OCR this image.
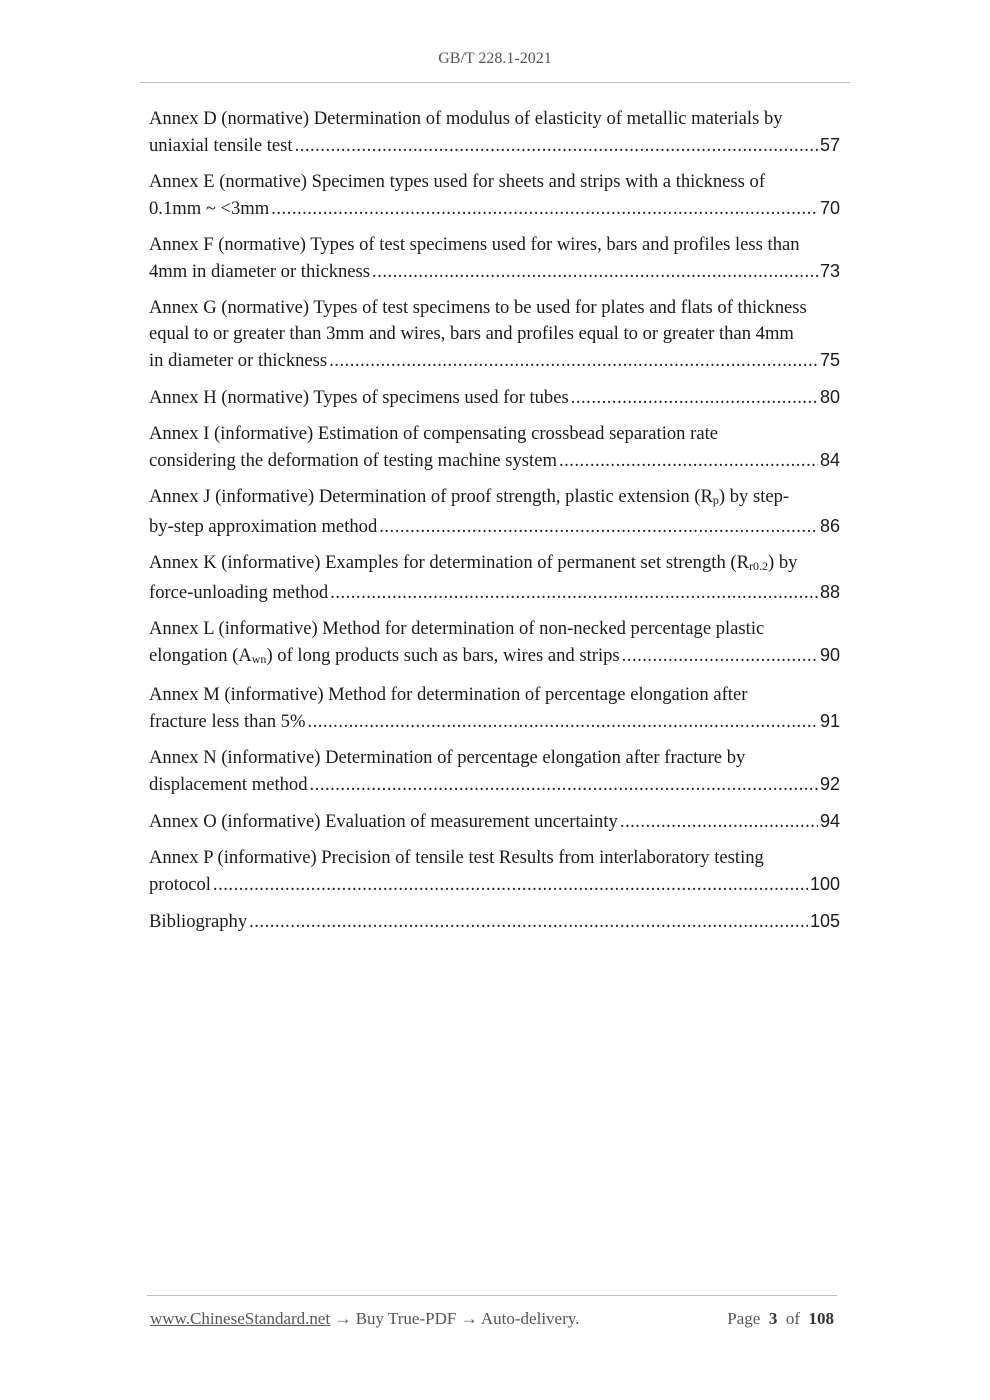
GB/T 228.1-2021
Annex D (normative) Determination of modulus of elasticity of metallic materials by
uniaxial tensile test .....	57
Annex E (normative) Specimen types used for sheets and strips with a thickness of
0.1mm ~ <3mm .....	70
Annex F (normative) Types of test specimens used for wires, bars and profiles less than
4mm in diameter or thickness .....	73
Annex G (normative) Types of test specimens to be used for plates and flats of thickness
equal to or greater than 3mm and wires, bars and profiles equal to or greater than 4mm
in diameter or thickness .....	75
Annex H (normative) Types of specimens used for tubes .....	80
Annex I (informative) Estimation of compensating crossbead separation rate
considering the deformation of testing machine system .....	84
Annex J (informative) Determination of proof strength, plastic extension $(R_p)$ by step-
by-step approximation method .....	86
Annex K (informative) Examples for determination of permanent set strength $(R_{r0.2})$ by
force-unloading method .....	88
Annex L (informative) Method for determination of non-necked percentage plastic
elongation $(A_{wn})$ of long products such as bars, wires and strips .....	90
Annex M (informative) Method for determination of percentage elongation after
fracture less than 5% .....	91
Annex N (informative) Determination of percentage elongation after fracture by
displacement method .....	92
Annex O (informative) Evaluation of measurement uncertainty .....	94
Annex P (informative) Precision of tensile test Results from interlaboratory testing
protocol .....	100
Bibliography .....	105
www.ChineseStandard.net → Buy True-PDF → Auto-delivery.	Page 3 of 108
